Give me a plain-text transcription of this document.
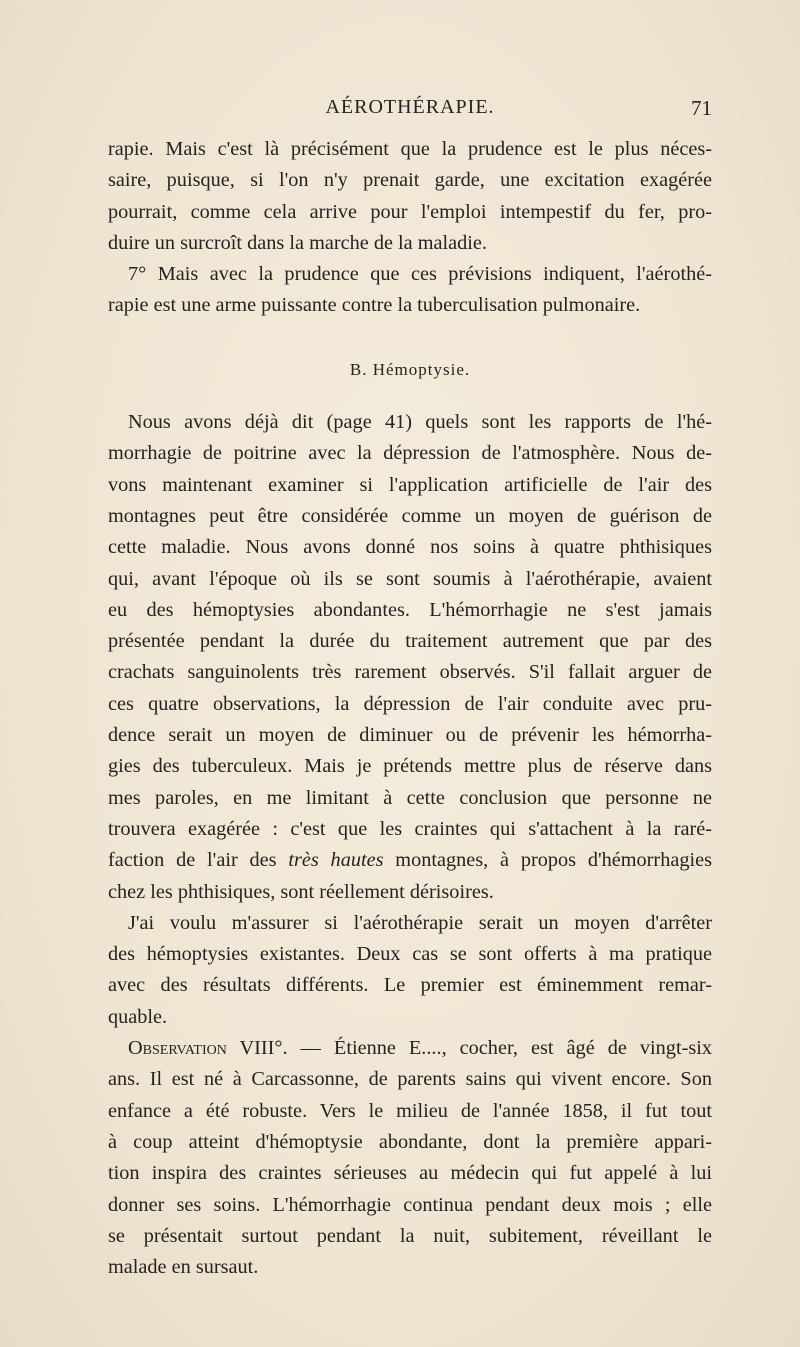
AÉROTHÉRAPIE.	71

rapie. Mais c'est là précisément que la prudence est le plus néces-
saire, puisque, si l'on n'y prenait garde, une excitation exagérée
pourrait, comme cela arrive pour l'emploi intempestif du fer, pro-
duire un surcroît dans la marche de la maladie.

7° Mais avec la prudence que ces prévisions indiquent, l'aérothé-
rapie est une arme puissante contre la tuberculisation pulmonaire.

B. Hémoptysie.

Nous avons déjà dit (page 41) quels sont les rapports de l'hé-
morrhagie de poitrine avec la dépression de l'atmosphère. Nous de-
vons maintenant examiner si l'application artificielle de l'air des
montagnes peut être considérée comme un moyen de guérison de
cette maladie. Nous avons donné nos soins à quatre phthisiques
qui, avant l'époque où ils se sont soumis à l'aérothérapie, avaient
eu des hémoptysies abondantes. L'hémorrhagie ne s'est jamais
présentée pendant la durée du traitement autrement que par des
crachats sanguinolents très rarement observés. S'il fallait arguer de
ces quatre observations, la dépression de l'air conduite avec pru-
dence serait un moyen de diminuer ou de prévenir les hémorrha-
gies des tuberculeux. Mais je prétends mettre plus de réserve dans
mes paroles, en me limitant à cette conclusion que personne ne
trouvera exagérée : c'est que les craintes qui s'attachent à la raré-
faction de l'air des très hautes montagnes, à propos d'hémorrhagies
chez les phthisiques, sont réellement dérisoires.

J'ai voulu m'assurer si l'aérothérapie serait un moyen d'arrêter
des hémoptysies existantes. Deux cas se sont offerts à ma pratique
avec des résultats différents. Le premier est éminemment remar-
quable.

Observation VIII°. — Étienne E...., cocher, est âgé de vingt-six
ans. Il est né à Carcassonne, de parents sains qui vivent encore. Son
enfance a été robuste. Vers le milieu de l'année 1858, il fut tout
à coup atteint d'hémoptysie abondante, dont la première appari-
tion inspira des craintes sérieuses au médecin qui fut appelé à lui
donner ses soins. L'hémorrhagie continua pendant deux mois ; elle
se présentait surtout pendant la nuit, subitement, réveillant le
malade en sursaut.
